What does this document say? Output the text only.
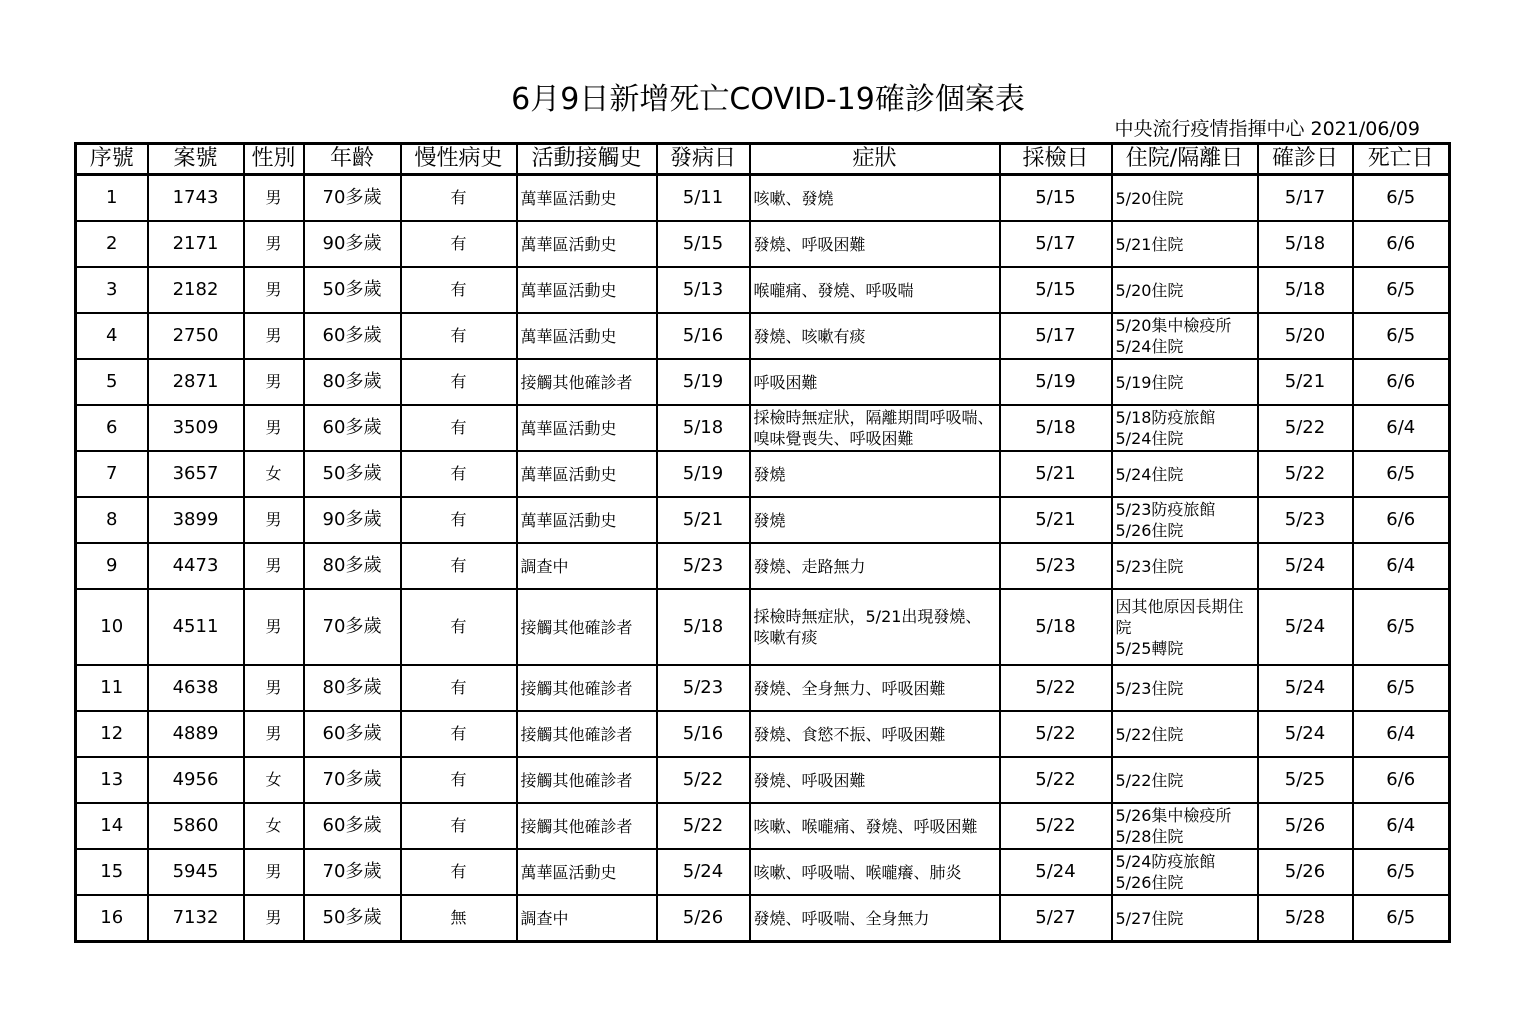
6月9日新增死亡COVID-19確診個案表
中央流行疫情指揮中心 2021/06/09
序號	案號	性別	年齡	慢性病史	活動接觸史	發病日	症狀	採檢日	住院/隔離日	確診日	死亡日
1	1743	男	70多歲	有	萬華區活動史	5/11	咳嗽、發燒	5/15	5/20住院	5/17	6/5
2	2171	男	90多歲	有	萬華區活動史	5/15	發燒、呼吸困難	5/17	5/21住院	5/18	6/6
3	2182	男	50多歲	有	萬華區活動史	5/13	喉嚨痛、發燒、呼吸喘	5/15	5/20住院	5/18	6/5
4	2750	男	60多歲	有	萬華區活動史	5/16	發燒、咳嗽有痰	5/17	5/20集中檢疫所
5/24住院	5/20	6/5
5	2871	男	80多歲	有	接觸其他確診者	5/19	呼吸困難	5/19	5/19住院	5/21	6/6
6	3509	男	60多歲	有	萬華區活動史	5/18	採檢時無症狀，隔離期間呼吸喘、嗅味覺喪失、呼吸困難	5/18	5/18防疫旅館
5/24住院	5/22	6/4
7	3657	女	50多歲	有	萬華區活動史	5/19	發燒	5/21	5/24住院	5/22	6/5
8	3899	男	90多歲	有	萬華區活動史	5/21	發燒	5/21	5/23防疫旅館
5/26住院	5/23	6/6
9	4473	男	80多歲	有	調查中	5/23	發燒、走路無力	5/23	5/23住院	5/24	6/4
10	4511	男	70多歲	有	接觸其他確診者	5/18	採檢時無症狀，5/21出現發燒、咳嗽有痰	5/18	因其他原因長期住院
5/25轉院	5/24	6/5
11	4638	男	80多歲	有	接觸其他確診者	5/23	發燒、全身無力、呼吸困難	5/22	5/23住院	5/24	6/5
12	4889	男	60多歲	有	接觸其他確診者	5/16	發燒、食慾不振、呼吸困難	5/22	5/22住院	5/24	6/4
13	4956	女	70多歲	有	接觸其他確診者	5/22	發燒、呼吸困難	5/22	5/22住院	5/25	6/6
14	5860	女	60多歲	有	接觸其他確診者	5/22	咳嗽、喉嚨痛、發燒、呼吸困難	5/22	5/26集中檢疫所
5/28住院	5/26	6/4
15	5945	男	70多歲	有	萬華區活動史	5/24	咳嗽、呼吸喘、喉嚨癢、肺炎	5/24	5/24防疫旅館
5/26住院	5/26	6/5
16	7132	男	50多歲	無	調查中	5/26	發燒、呼吸喘、全身無力	5/27	5/27住院	5/28	6/5
